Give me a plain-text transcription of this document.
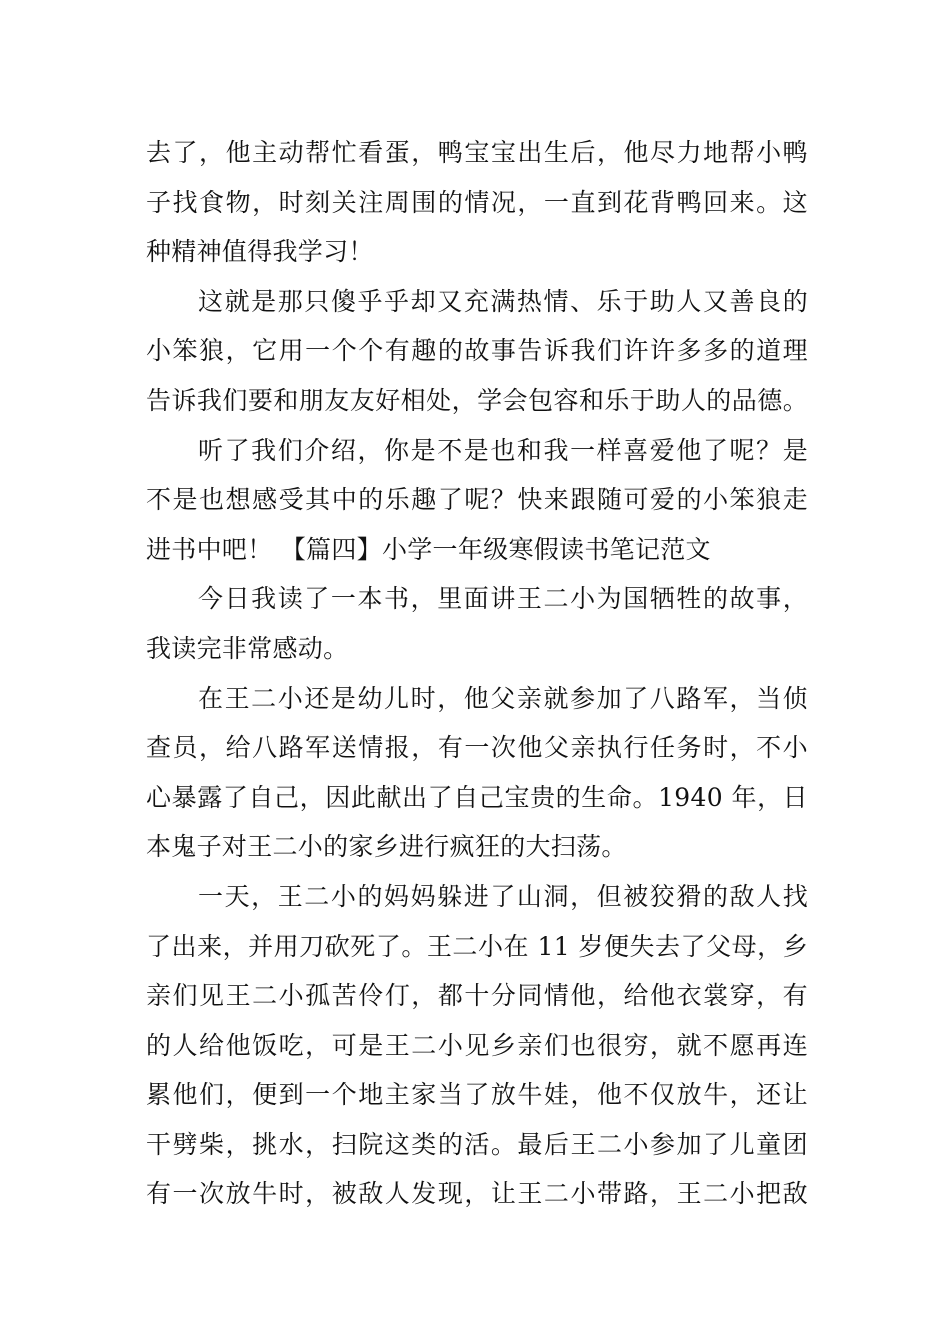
去了，他主动帮忙看蛋，鸭宝宝出生后，他尽力地帮小鸭
子找食物，时刻关注周围的情况，一直到花背鸭回来。这
种精神值得我学习！
这就是那只傻乎乎却又充满热情、乐于助人又善良的
小笨狼，它用一个个有趣的故事告诉我们许许多多的道理
告诉我们要和朋友友好相处，学会包容和乐于助人的品德。
听了我们介绍，你是不是也和我一样喜爱他了呢？是
不是也想感受其中的乐趣了呢？快来跟随可爱的小笨狼走
进书中吧！ 【篇四】小学一年级寒假读书笔记范文
今日我读了一本书，里面讲王二小为国牺牲的故事，
我读完非常感动。
在王二小还是幼儿时，他父亲就参加了八路军，当侦
查员，给八路军送情报，有一次他父亲执行任务时，不小
心暴露了自己，因此献出了自己宝贵的生命。1940 年，日
本鬼子对王二小的家乡进行疯狂的大扫荡。
一天，王二小的妈妈躲进了山洞，但被狡猾的敌人找
了出来，并用刀砍死了。王二小在 11 岁便失去了父母，乡
亲们见王二小孤苦伶仃，都十分同情他，给他衣裳穿，有
的人给他饭吃，可是王二小见乡亲们也很穷，就不愿再连
累他们，便到一个地主家当了放牛娃，他不仅放牛，还让
干劈柴，挑水，扫院这类的活。最后王二小参加了儿童团
有一次放牛时，被敌人发现，让王二小带路，王二小把敌
